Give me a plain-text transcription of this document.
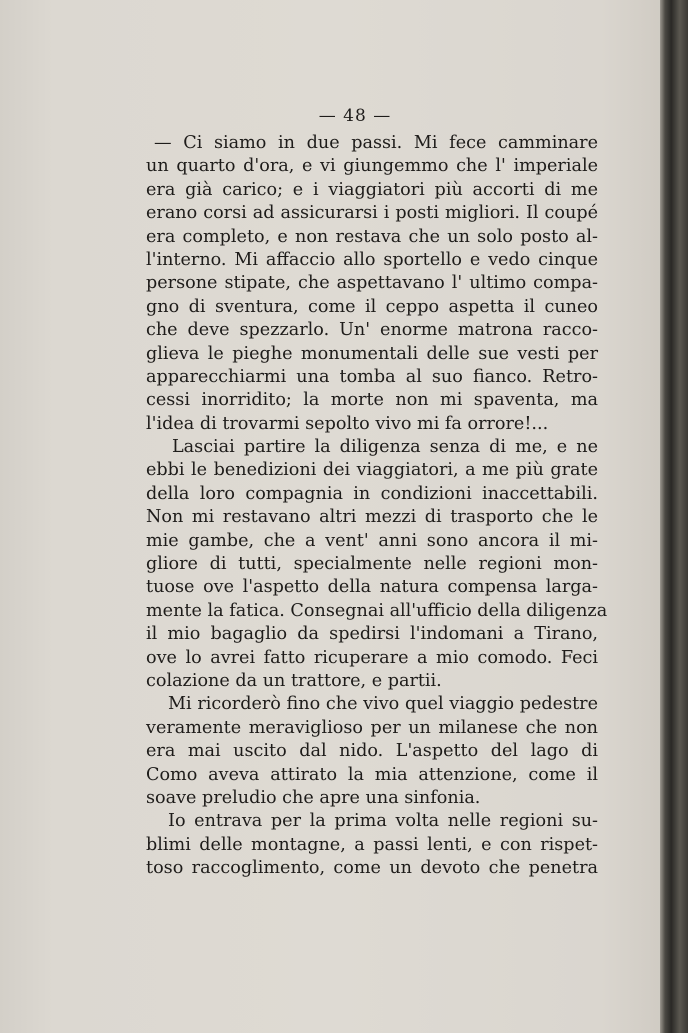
— 48 —
— Ci siamo in due passi. Mi fece camminare
un quarto d'ora, e vi giungemmo che l' imperiale
era già carico; e i viaggiatori più accorti di me
erano corsi ad assicurarsi i posti migliori. Il coupé
era completo, e non restava che un solo posto al-
l'interno. Mi affaccio allo sportello e vedo cinque
persone stipate, che aspettavano l' ultimo compa-
gno di sventura, come il ceppo aspetta il cuneo
che deve spezzarlo. Un' enorme matrona racco-
glieva le pieghe monumentali delle sue vesti per
apparecchiarmi una tomba al suo fianco. Retro-
cessi inorridito; la morte non mi spaventa, ma
l'idea di trovarmi sepolto vivo mi fa orrore!...
Lasciai partire la diligenza senza di me, e ne
ebbi le benedizioni dei viaggiatori, a me più grate
della loro compagnia in condizioni inaccettabili.
Non mi restavano altri mezzi di trasporto che le
mie gambe, che a vent' anni sono ancora il mi-
gliore di tutti, specialmente nelle regioni mon-
tuose ove l'aspetto della natura compensa larga-
mente la fatica. Consegnai all'ufficio della diligenza
il mio bagaglio da spedirsi l'indomani a Tirano,
ove lo avrei fatto ricuperare a mio comodo. Feci
colazione da un trattore, e partii.
Mi ricorderò fino che vivo quel viaggio pedestre
veramente meraviglioso per un milanese che non
era mai uscito dal nido. L'aspetto del lago di
Como aveva attirato la mia attenzione, come il
soave preludio che apre una sinfonia.
Io entrava per la prima volta nelle regioni su-
blimi delle montagne, a passi lenti, e con rispet-
toso raccoglimento, come un devoto che penetra
